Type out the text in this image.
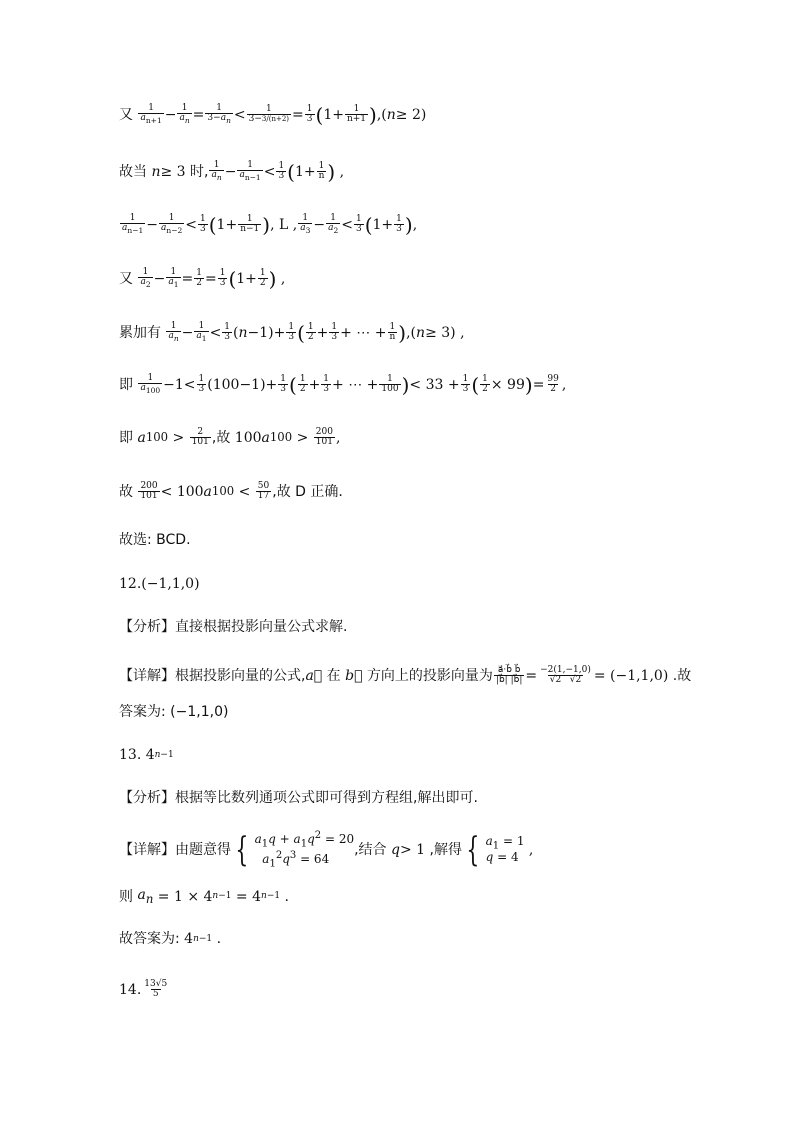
又
$\frac{1}{a_{n+1}} - \frac{1}{a_n} = \frac{1}{3-a_n} < \frac{1}{3-3/(n+2)} = \frac{1}{3}$ ( $1+ \frac{1}{n+1}$ ) ,( n ≥ 2)
故当
n ≥ 3 时, $\frac{1}{a_n} - \frac{1}{a_{n-1}} < \frac{1}{3}$ ( $1+ \frac{1}{n}$ ) ,
$\frac{1}{a_{n-1}} - \frac{1}{a_{n-2}} < \frac{1}{3}$ ( $1+ \frac{1}{n-1}$ ) , L , $\frac{1}{a_3} - \frac{1}{a_2} < \frac{1}{3}$ ( $1+ \frac{1}{3}$ ) ,
又
$\frac{1}{a_2} - \frac{1}{a_1} = \frac{1}{2} = \frac{1}{3}$ ( $1+ \frac{1}{2}$ ) ,
累加有
$\frac{1}{a_n} - \frac{1}{a_1} < \frac{1}{3}$ ( $n -1)+ \frac{1}{3}$ ( $\frac{1}{2} + \frac{1}{3}$ + ⋯ + $\frac{1}{n}$ ) ,( n ≥ 3) ,
即
$\frac{1}{a_{100}} -1< \frac{1}{3} (100-1)+ \frac{1}{3}$ ( $\frac{1}{2} + \frac{1}{3}$ + ⋯ + $\frac{1}{100}$ ) < $33 + \frac{1}{3}$ ( $\frac{1}{2} \times 99$ ) = $\frac{99}{2}$ ,
即
a $100 > \frac{2}{101}$ ,故 100 a $100 > \frac{200}{101}$ ,
故
$\frac{200}{101} < 100$ a $100 < \frac{50}{17}$ ,故 D 正确.
故选: BCD.
12.(−1,1,0)
【分析】直接根据投影向量公式求解.
【详解】根据投影向量的公式, a⃗
在
b⃗
方向上的投影向量为 $\frac{a⃗\cdot b⃗ b⃗}{|b⃗| |b⃗|} = \frac{-2(1,-1,0)}{√2 √2} = (-1,1,0)$ .故
答案为: (−1,1,0)
13. 4 n−1
【分析】根据等比数列通项公式即可得到方程组,解出即可.
【详解】由题意得 { $a_1q + a_1q^2 = 20$
$a_1^2q^3 = 64$
,结合
q > 1 ,解得 { $a_1 = 1$
q = 4 ,
则
$a_n = 1 \times 4$ n−1 = 4 n−1 .
故答案为: 4 n−1 .
14. $\frac{13√5}{5}$
